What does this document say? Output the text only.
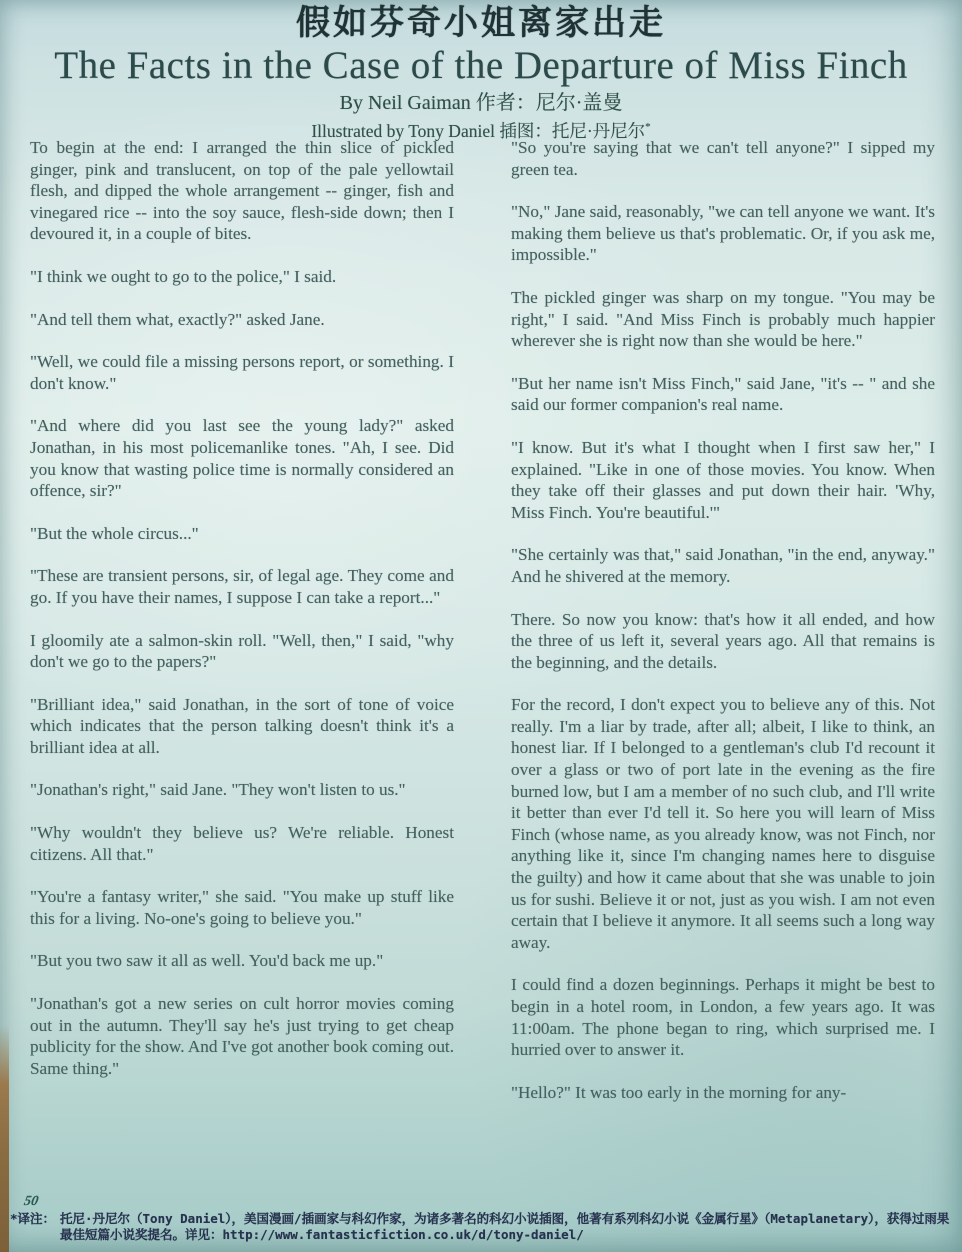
假如芬奇小姐离家出走
The Facts in the Case of the Departure of Miss Finch
By Neil Gaiman 作者：尼尔·盖曼
Illustrated by Tony Daniel 插图：托尼·丹尼尔*

To begin at the end: I arranged the thin slice of pickled ginger, pink and translucent, on top of the pale yellowtail flesh, and dipped the whole arrangement -- ginger, fish and vinegared rice -- into the soy sauce, flesh-side down; then I devoured it, in a couple of bites.

"I think we ought to go to the police," I said.

"And tell them what, exactly?" asked Jane.

"Well, we could file a missing persons report, or something. I don't know."

"And where did you last see the young lady?" asked Jonathan, in his most policemanlike tones. "Ah, I see. Did you know that wasting police time is normally considered an offence, sir?"

"But the whole circus..."

"These are transient persons, sir, of legal age. They come and go. If you have their names, I suppose I can take a report..."

I gloomily ate a salmon-skin roll. "Well, then," I said, "why don't we go to the papers?"

"Brilliant idea," said Jonathan, in the sort of tone of voice which indicates that the person talking doesn't think it's a brilliant idea at all.

"Jonathan's right," said Jane. "They won't listen to us."

"Why wouldn't they believe us? We're reliable. Honest citizens. All that."

"You're a fantasy writer," she said. "You make up stuff like this for a living. No-one's going to believe you."

"But you two saw it all as well. You'd back me up."

"Jonathan's got a new series on cult horror movies coming out in the autumn. They'll say he's just trying to get cheap publicity for the show. And I've got another book coming out. Same thing."

"So you're saying that we can't tell anyone?" I sipped my green tea.

"No," Jane said, reasonably, "we can tell anyone we want. It's making them believe us that's problematic. Or, if you ask me, impossible."

The pickled ginger was sharp on my tongue. "You may be right," I said. "And Miss Finch is probably much happier wherever she is right now than she would be here."

"But her name isn't Miss Finch," said Jane, "it's -- " and she said our former companion's real name.

"I know. But it's what I thought when I first saw her," I explained. "Like in one of those movies. You know. When they take off their glasses and put down their hair. 'Why, Miss Finch. You're beautiful.'"

"She certainly was that," said Jonathan, "in the end, anyway." And he shivered at the memory.

There. So now you know: that's how it all ended, and how the three of us left it, several years ago. All that remains is the beginning, and the details.

For the record, I don't expect you to believe any of this. Not really. I'm a liar by trade, after all; albeit, I like to think, an honest liar. If I belonged to a gentleman's club I'd recount it over a glass or two of port late in the evening as the fire burned low, but I am a member of no such club, and I'll write it better than ever I'd tell it. So here you will learn of Miss Finch (whose name, as you already know, was not Finch, nor anything like it, since I'm changing names here to disguise the guilty) and how it came about that she was unable to join us for sushi. Believe it or not, just as you wish. I am not even certain that I believe it anymore. It all seems such a long way away.

I could find a dozen beginnings. Perhaps it might be best to begin in a hotel room, in London, a few years ago. It was 11:00am. The phone began to ring, which surprised me. I hurried over to answer it.

"Hello?" It was too early in the morning for any-

50
*译注： 托尼·丹尼尔（Tony Daniel），美国漫画/插画家与科幻作家，为诸多著名的科幻小说插图，他著有系列科幻小说《金属行星》（Metaplanetary），获得过雨果
最佳短篇小说奖提名。详见：http://www.fantasticfiction.co.uk/d/tony-daniel/
